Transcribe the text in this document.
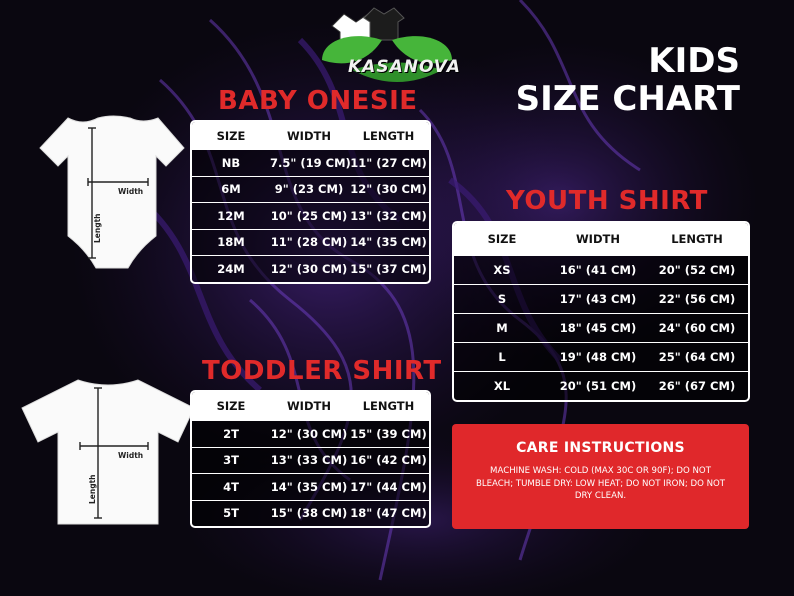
KASANOVA	KIDS
SIZE CHART
Width
Length
BABY ONESIE
SIZE	WIDTH	LENGTH
NB	7.5" (19 CM) 11" (27 CM)
6M	9" (23 CM) 12" (30 CM)
12M	10" (25 CM) 13" (32 CM)
18M	11" (28 CM) 14" (35 CM)
24M	12" (30 CM) 15" (37 CM)
Width
Length
TODDLER SHIRT
SIZE	WIDTH	LENGTH
2T	12" (30 CM) 15" (39 CM)
3T	13" (33 CM) 16" (42 CM)
4T	14" (35 CM) 17" (44 CM)
5T	15" (38 CM) 18" (47 CM)
YOUTH SHIRT
SIZE	WIDTH	LENGTH
XS	16" (41 CM)	20" (52 CM)
S	17" (43 CM)	22" (56 CM)
M	18" (45 CM)	24" (60 CM)
L	19" (48 CM)	25" (64 CM)
XL	20" (51 CM)	26" (67 CM)
CARE INSTRUCTIONS
MACHINE WASH: COLD (MAX 30C OR 90F); DO NOT BLEACH; TUMBLE DRY: LOW HEAT; DO NOT IRON; DO NOT DRY CLEAN.
